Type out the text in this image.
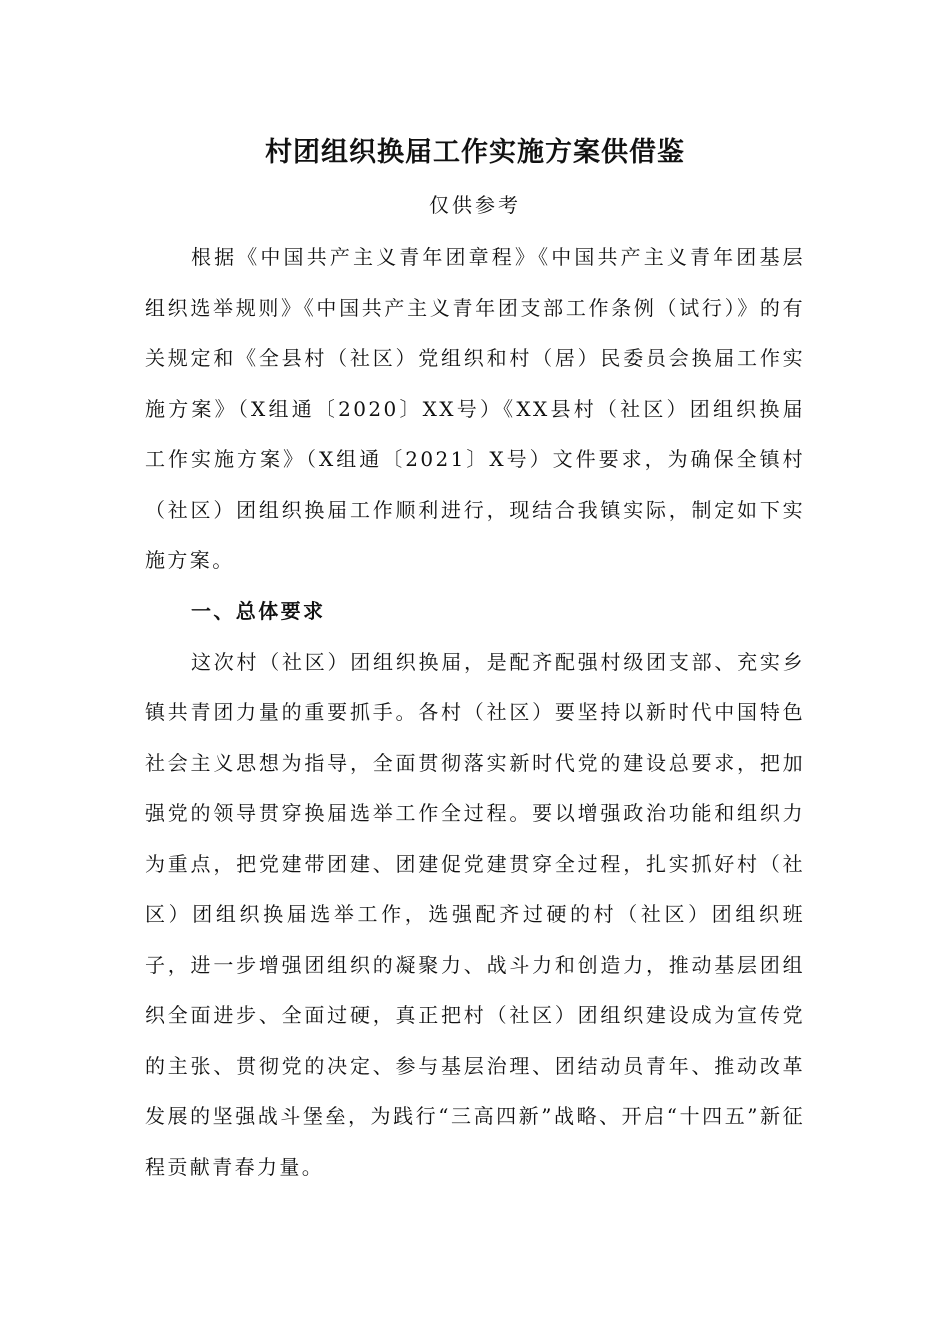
村团组织换届工作实施方案供借鉴
仅供参考

根据《中国共产主义青年团章程》《中国共产主义青年团基层组织选举规则》《中国共产主义青年团支部工作条例（试行）》的有关规定和《全县村（社区）党组织和村（居）民委员会换届工作实施方案》（X组通〔2020〕XX号）《XX县村（社区）团组织换届工作实施方案》（X组通〔2021〕X号）文件要求，为确保全镇村（社区）团组织换届工作顺利进行，现结合我镇实际，制定如下实施方案。

一、总体要求

这次村（社区）团组织换届，是配齐配强村级团支部、充实乡镇共青团力量的重要抓手。各村（社区）要坚持以新时代中国特色社会主义思想为指导，全面贯彻落实新时代党的建设总要求，把加强党的领导贯穿换届选举工作全过程。要以增强政治功能和组织力为重点，把党建带团建、团建促党建贯穿全过程，扎实抓好村（社区）团组织换届选举工作，选强配齐过硬的村（社区）团组织班子，进一步增强团组织的凝聚力、战斗力和创造力，推动基层团组织全面进步、全面过硬，真正把村（社区）团组织建设成为宣传党的主张、贯彻党的决定、参与基层治理、团结动员青年、推动改革发展的坚强战斗堡垒，为践行“三高四新”战略、开启“十四五”新征程贡献青春力量。
